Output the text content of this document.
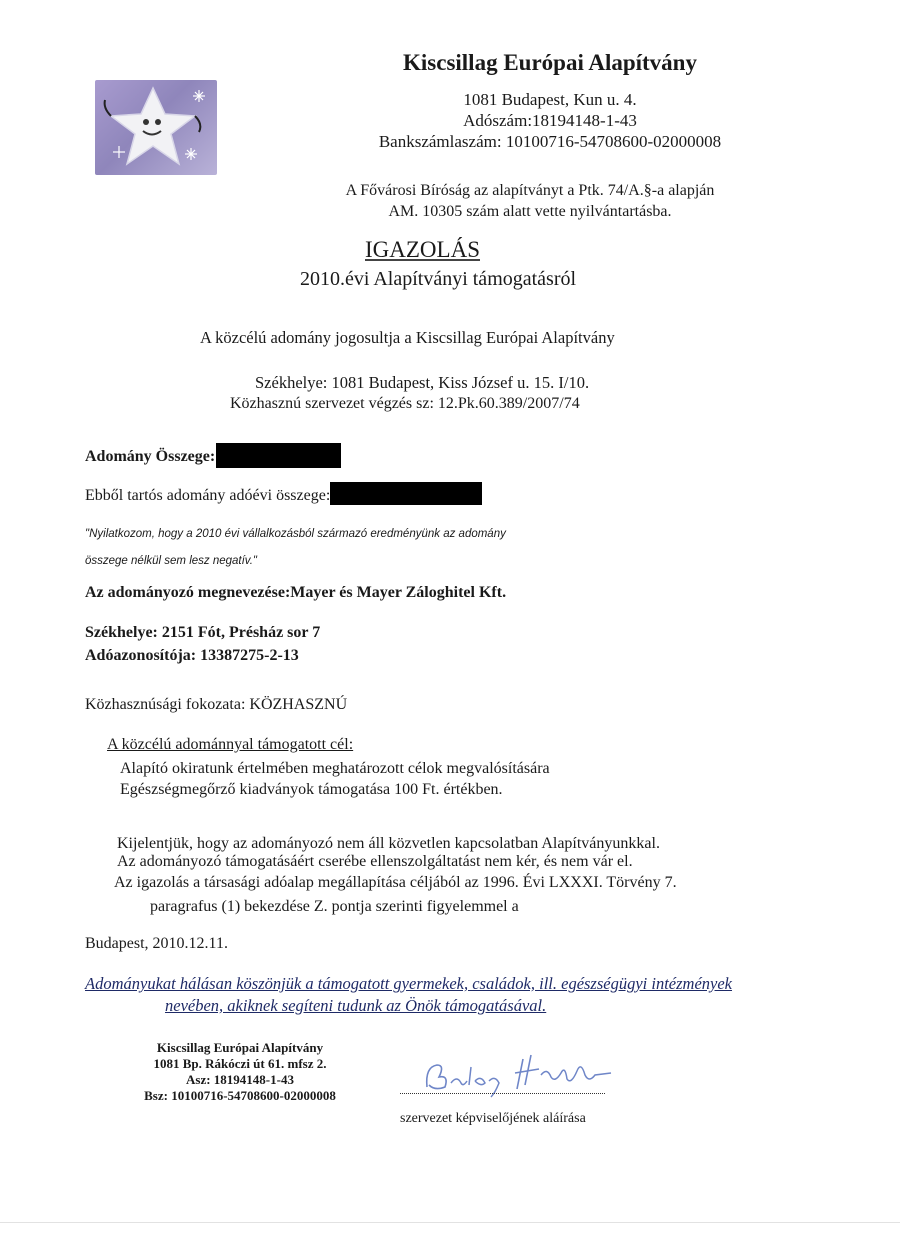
Kiscsillag Európai Alapítvány
1081 Budapest, Kun u. 4.
Adószám:18194148-1-43
Bankszámlaszám: 10100716-54708600-02000008
A Fővárosi Bíróság az alapítványt a Ptk. 74/A.§-a alapján
AM. 10305 szám alatt vette nyilvántartásba.
IGAZOLÁS
2010.évi Alapítványi támogatásról
A közcélú adomány jogosultja a Kiscsillag Európai Alapítvány
Székhelye: 1081 Budapest, Kiss József u. 15. I/10.
Közhasznú szervezet végzés sz: 12.Pk.60.389/2007/74
Adomány Összege:
Ebből tartós adomány adóévi összege:
"Nyilatkozom, hogy a 2010 évi vállalkozásból származó eredményünk az adomány
összege nélkül sem lesz negatív."
Az adományozó megnevezése:Mayer és Mayer Záloghitel Kft.
Székhelye: 2151 Fót, Présház sor 7
Adóazonosítója: 13387275-2-13
Közhasznúsági fokozata: KÖZHASZNÚ
A közcélú adománnyal támogatott cél:
Alapító okiratunk értelmében meghatározott célok megvalósítására
Egészségmegőrző kiadványok támogatása 100 Ft. értékben.
Kijelentjük, hogy az adományozó nem áll közvetlen kapcsolatban Alapítványunkkal.
Az adományozó támogatásáért cserébe ellenszolgáltatást nem kér, és nem vár el.
Az igazolás a társasági adóalap megállapítása céljából az 1996. Évi LXXXI. Törvény 7.
paragrafus (1) bekezdése Z. pontja szerinti figyelemmel a
Budapest, 2010.12.11.
Adományukat hálásan köszönjük a támogatott gyermekek, családok, ill. egészségügyi intézmények
nevében, akiknek segíteni tudunk az Önök támogatásával.
Kiscsillag Európai Alapítvány
1081 Bp. Rákóczi út 61. mfsz 2.
Asz: 18194148-1-43
Bsz: 10100716-54708600-02000008
szervezet képviselőjének aláírása
